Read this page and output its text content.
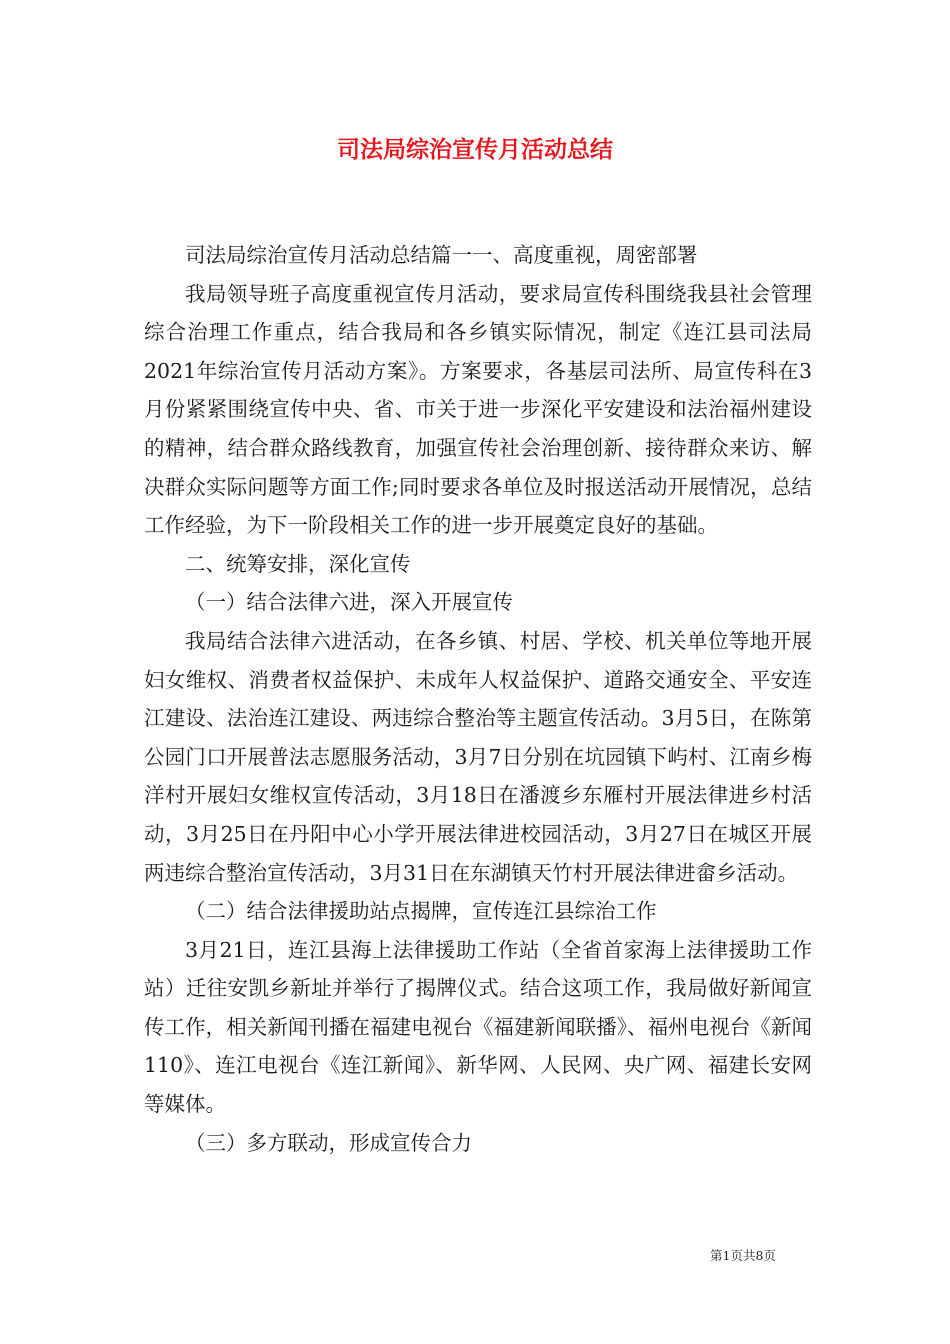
司法局综治宣传月活动总结

司法局综治宣传月活动总结篇一一、高度重视，周密部署

我局领导班子高度重视宣传月活动，要求局宣传科围绕我县社会管理综合治理工作重点，结合我局和各乡镇实际情况，制定《连江县司法局2021年综治宣传月活动方案》。方案要求，各基层司法所、局宣传科在3月份紧紧围绕宣传中央、省、市关于进一步深化平安建设和法治福州建设的精神，结合群众路线教育，加强宣传社会治理创新、接待群众来访、解决群众实际问题等方面工作;同时要求各单位及时报送活动开展情况，总结工作经验，为下一阶段相关工作的进一步开展奠定良好的基础。

二、统筹安排，深化宣传

（一）结合法律六进，深入开展宣传

我局结合法律六进活动，在各乡镇、村居、学校、机关单位等地开展妇女维权、消费者权益保护、未成年人权益保护、道路交通安全、平安连江建设、法治连江建设、两违综合整治等主题宣传活动。3月5日，在陈第公园门口开展普法志愿服务活动，3月7日分别在坑园镇下屿村、江南乡梅洋村开展妇女维权宣传活动，3月18日在潘渡乡东雁村开展法律进乡村活动，3月25日在丹阳中心小学开展法律进校园活动，3月27日在城区开展两违综合整治宣传活动，3月31日在东湖镇天竹村开展法律进畲乡活动。

（二）结合法律援助站点揭牌，宣传连江县综治工作

3月21日，连江县海上法律援助工作站（全省首家海上法律援助工作站）迁往安凯乡新址并举行了揭牌仪式。结合这项工作，我局做好新闻宣传工作，相关新闻刊播在福建电视台《福建新闻联播》、福州电视台《新闻110》、连江电视台《连江新闻》、新华网、人民网、央广网、福建长安网等媒体。

（三）多方联动，形成宣传合力

第1页共8页
